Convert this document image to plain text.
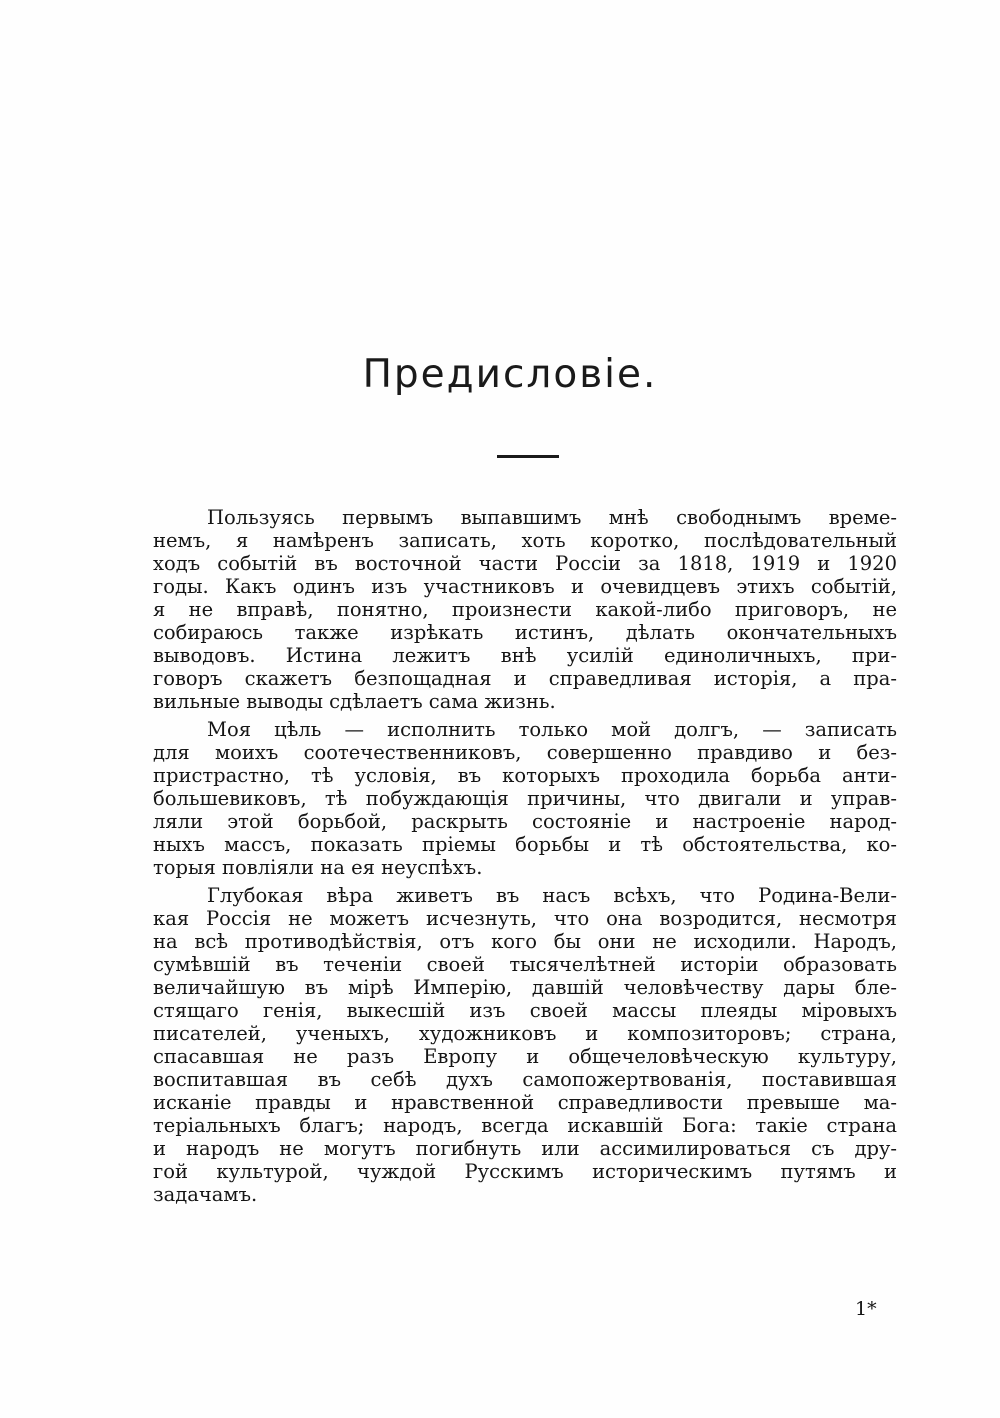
Предисловіе.
Пользуясь первымъ выпавшимъ мнѣ свободнымъ време-
немъ, я намѣренъ записать, хоть коротко, послѣдовательный
ходъ событій въ восточной части Россіи за 1818, 1919 и 1920
годы. Какъ одинъ изъ участниковъ и очевидцевъ этихъ событій,
я не вправѣ, понятно, произнести какой-либо приговоръ, не
собираюсь также изрѣкать истинъ, дѣлать окончательныхъ
выводовъ. Истина лежитъ внѣ усилій единоличныхъ, при-
говоръ скажетъ безпощадная и справедливая исторія, а пра-
вильные выводы сдѣлаетъ сама жизнь.
Моя цѣль — исполнить только мой долгъ, — записать
для моихъ соотечественниковъ, совершенно правдиво и без-
пристрастно, тѣ условія, въ которыхъ проходила борьба анти-
большевиковъ, тѣ побуждающія причины, что двигали и управ-
ляли этой борьбой, раскрыть состояніе и настроеніе народ-
ныхъ массъ, показать пріемы борьбы и тѣ обстоятельства, ко-
торыя повліяли на ея неуспѣхъ.
Глубокая вѣра живетъ въ насъ всѣхъ, что Родина-Вели-
кая Россія не можетъ исчезнуть, что она возродится, несмотря
на всѣ противодѣйствія, отъ кого бы они не исходили. Народъ,
сумѣвшій въ теченіи своей тысячелѣтней исторіи образовать
величайшую въ мірѣ Имперію, давшій человѣчеству дары бле-
стящаго генія, выкесшій изъ своей массы плеяды міровыхъ
писателей, ученыхъ, художниковъ и композиторовъ; страна,
спасавшая не разъ Европу и общечеловѣческую культуру,
воспитавшая въ себѣ духъ самопожертвованія, поставившая
исканіе правды и нравственной справедливости превыше ма-
теріальныхъ благъ; народъ, всегда искавшій Бога: такіе страна
и народъ не могутъ погибнуть или ассимилироваться съ дру-
гой культурой, чуждой Русскимъ историческимъ путямъ и
задачамъ.
1*
